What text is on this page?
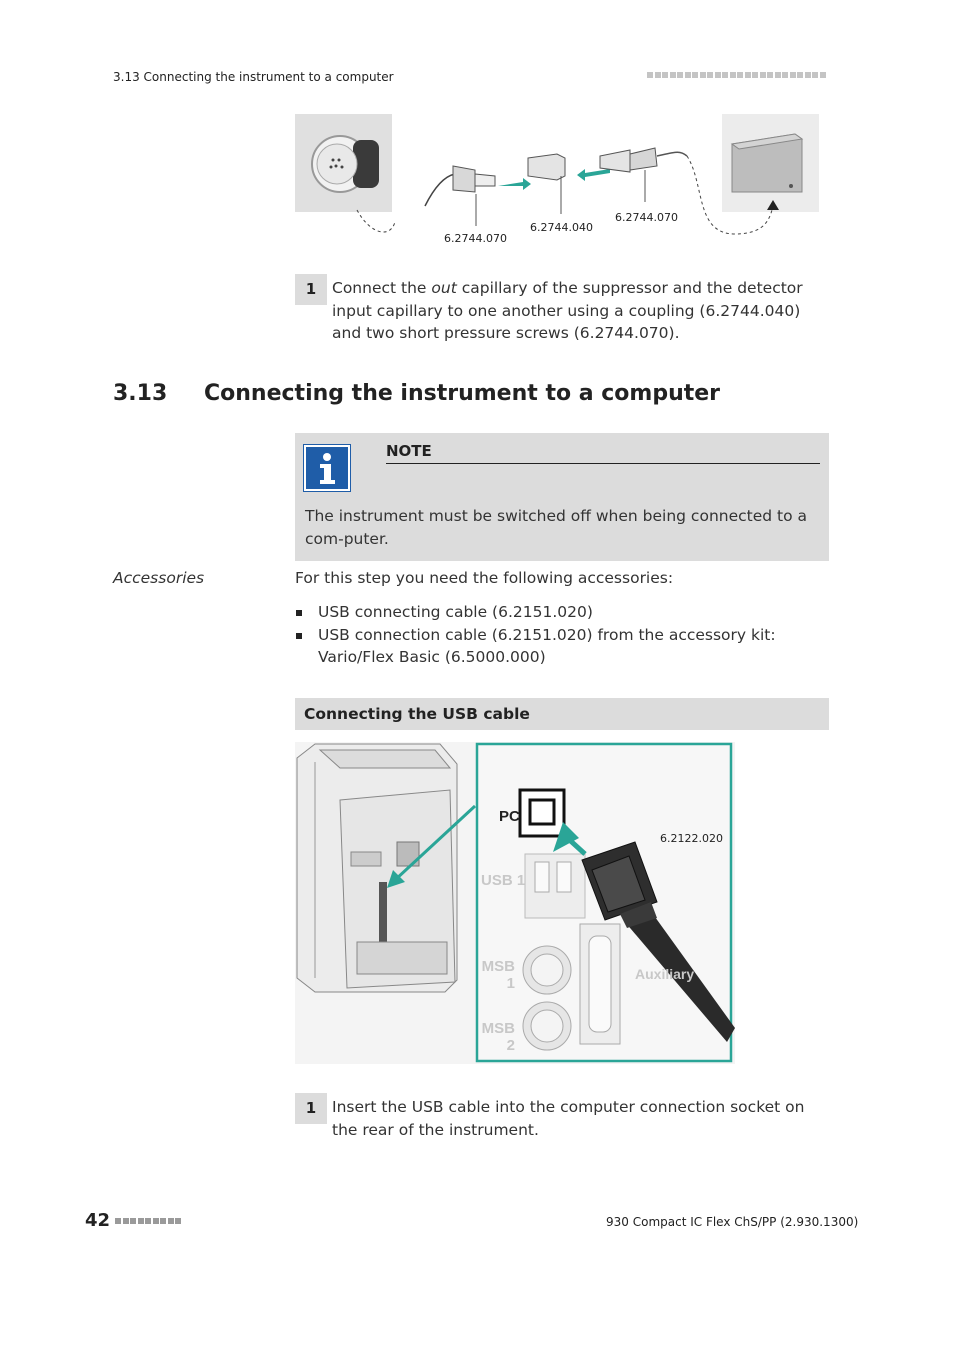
3.13 Connecting the instrument to a computer
6.2744.070
6.2744.040
6.2744.070
1	Connect the out capillary of the suppressor and the detector input capillary to one another using a coupling (6.2744.040) and two short pressure screws (6.2744.070).
3.13	Connecting the instrument to a computer
NOTE
The instrument must be switched off when being connected to a com-puter.
Accessories	For this step you need the following accessories:
USB connecting cable (6.2151.020)
USB connection cable (6.2151.020) from the accessory kit: Vario/Flex Basic (6.5000.000)
Connecting the USB cable
PC
USB 1
MSB 1
MSB 2
Auxiliary
6.2122.020
1	Insert the USB cable into the computer connection socket on the rear of the instrument.
42	930 Compact IC Flex ChS/PP (2.930.1300)
